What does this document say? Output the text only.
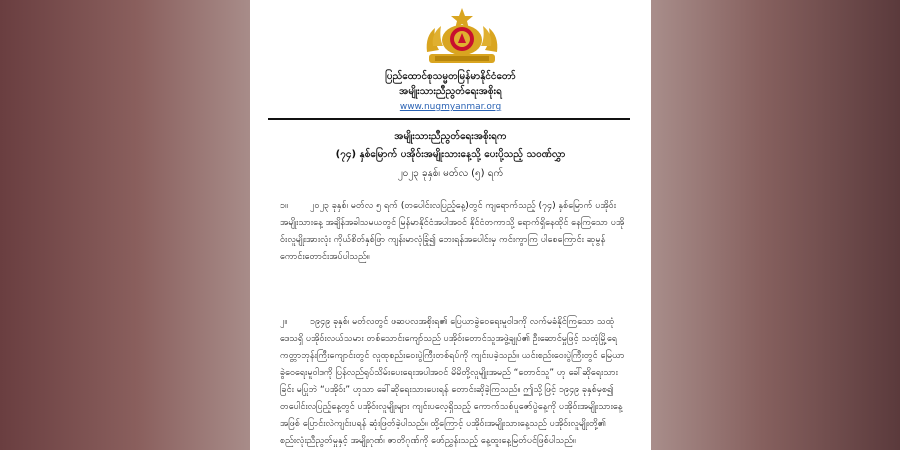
ပြည်ထောင်စုသမ္မတမြန်မာနိုင်ငံတော်
အမျိုးသားညီညွတ်ရေးအစိုးရ
www.nugmyanmar.org
အမျိုးသားညီညွတ်ရေးအစိုးရက
(၇၄) နှစ်မြောက် ပအိုဝ်းအမျိုးသားနေ့သို့ ပေးပို့သည့် သဝဏ်လွှာ
၂၀၂၃ ခုနှစ်၊ မတ်လ (၅) ရက်
၁။ ၂၀၂၃ ခုနှစ်၊ မတ်လ ၅ ရက် (တပေါင်းလပြည့်နေ့)တွင် ကျရောက်သည့် (၇၄) နှစ်မြောက် ပအိုဝ်းအမျိုးသားနေ့ အချိန်အခါသမယတွင် မြန်မာနိုင်ငံအပါအဝင် နိုင်ငံတကာသို့ ရောက်ရှိနေထိုင် နေကြသော ပအိုဝ်းလူမျိုးအားလုံး ကိုယ်စိတ်နှစ်ဖြာ ကျန်းမာလုံခြုံ၍ ဘေးရန်အပေါင်းမှ ကင်းကွာကြ ပါစေကြောင်း ဆုမွန်ကောင်းတောင်းအပ်ပါသည်။
၂။	၁၉၄၉ ခုနှစ်၊ မတ်လတွင် ဖဆပလအစိုးရ၏ ပြေယာခွဲဝေရေးမူဝါဒကို လက်မခံနိုင်ကြသော သထုံဒေသရှိ ပအိုဝ်းလယ်သမား တစ်သောင်းကျော်သည် ပအိုဝ်းတောင်သူအဖွဲ့ချုပ်၏ ဦးဆောင်မှုဖြင့် သထုံမြို့ရေကတ္တာဘုန်းကြီးကျောင်းတွင် လူထုစည်းဝေးပွဲကြီးတစ်ရပ်ကို ကျင်းပခဲ့သည်။ ယင်းစည်းဝေးပွဲကြီးတွင် မြေယာခွဲဝေရေးမူဝါဒကို ပြန်လည်ရုပ်သိမ်းပေးရေးအပါအဝင် မိမိတို့လူမျိုးအမည် “တောင်သူ” ဟု ခေါ်ဆိုရေးသားခြင်း မပြုဘဲ “ပအိုဝ်း” ဟုသာ ခေါ်ဆိုရေးသားပေးရန် တောင်းဆိုခဲ့ကြသည်။ ဤသို့ဖြင့် ၁၉၄၉ ခုနှစ်မှစ၍ တပေါင်းလပြည့်နေ့တွင် ပအိုဝ်းလူမျိုးများ ကျင်းပလေ့ရှိသည့် ကောက်သစ်ပူဇော်ပွဲနေ့ကို ပအိုဝ်းအမျိုးသားနေ့အဖြစ် ပြောင်းလဲကျင်းပရန် ဆုံးဖြတ်ခဲ့ပါသည်။ ထို့ကြောင့် ပအိုဝ်းအမျိုးသားနေ့သည် ပအိုဝ်းလူမျိုးတို့၏ စည်းလုံးညီညွတ်မှုနှင့် အမျိုးဂုဏ်၊ ဇာတိဂုဏ်ကို ဖော်ညွှန်းသည့် နေ့ထူးနေ့မြတ်ပင်ဖြစ်ပါသည်။
